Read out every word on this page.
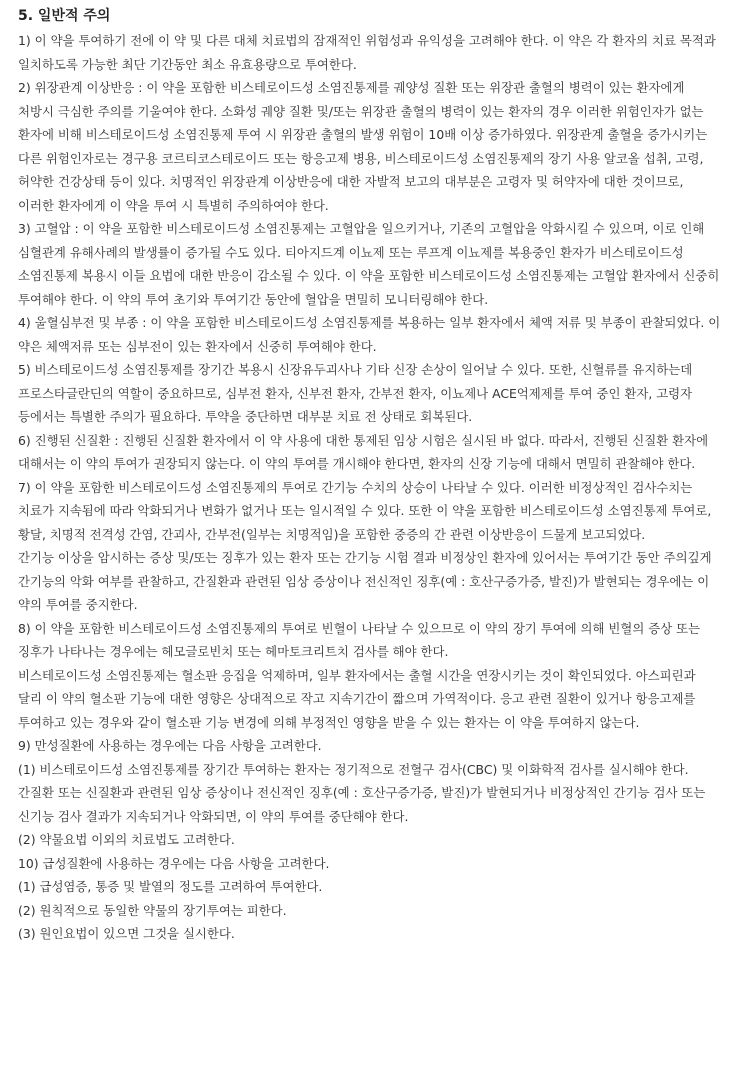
5. 일반적 주의

1) 이 약을 투여하기 전에 이 약 및 다른 대체 치료법의 잠재적인 위험성과 유익성을 고려해야 한다. 이 약은 각 환자의 치료 목적과 일치하도록 가능한 최단 기간동안 최소 유효용량으로 투여한다.

2) 위장관계 이상반응 : 이 약을 포함한 비스테로이드성 소염진통제를 궤양성 질환 또는 위장관 출혈의 병력이 있는 환자에게 처방시 극심한 주의를 기울여야 한다. 소화성 궤양 질환 및/또는 위장관 출혈의 병력이 있는 환자의 경우 이러한 위험인자가 없는 환자에 비해 비스테로이드성 소염진통제 투여 시 위장관 출혈의 발생 위험이 10배 이상 증가하였다. 위장관계 출혈을 증가시키는 다른 위험인자로는 경구용 코르티코스테로이드 또는 항응고제 병용, 비스테로이드성 소염진통제의 장기 사용 알코올 섭취, 고령, 허약한 건강상태 등이 있다. 치명적인 위장관계 이상반응에 대한 자발적 보고의 대부분은 고령자 및 허약자에 대한 것이므로, 이러한 환자에게 이 약을 투여 시 특별히 주의하여야 한다.

3) 고혈압 : 이 약을 포함한 비스테로이드성 소염진통제는 고혈압을 일으키거나, 기존의 고혈압을 악화시킬 수 있으며, 이로 인해 심혈관계 유해사례의 발생률이 증가될 수도 있다. 티아지드계 이뇨제 또는 루프계 이뇨제를 복용중인 환자가 비스테로이드성 소염진통제 복용시 이들 요법에 대한 반응이 감소될 수 있다. 이 약을 포함한 비스테로이드성 소염진통제는 고혈압 환자에서 신중히 투여해야 한다. 이 약의 투여 초기와 투여기간 동안에 혈압을 면밀히 모니터링해야 한다.

4) 울혈심부전 및 부종 : 이 약을 포함한 비스테로이드성 소염진통제를 복용하는 일부 환자에서 체액 저류 및 부종이 관찰되었다. 이 약은 체액저류 또는 심부전이 있는 환자에서 신중히 투여해야 한다.

5) 비스테로이드성 소염진통제를 장기간 복용시 신장유두괴사나 기타 신장 손상이 일어날 수 있다. 또한, 신혈류를 유지하는데 프로스타글란딘의 역할이 중요하므로, 심부전 환자, 신부전 환자, 간부전 환자, 이뇨제나 ACE억제제를 투여 중인 환자, 고령자 등에서는 특별한 주의가 필요하다. 투약을 중단하면 대부분 치료 전 상태로 회복된다.

6) 진행된 신질환 : 진행된 신질환 환자에서 이 약 사용에 대한 통제된 임상 시험은 실시된 바 없다. 따라서, 진행된 신질환 환자에 대해서는 이 약의 투여가 권장되지 않는다. 이 약의 투여를 개시해야 한다면, 환자의 신장 기능에 대해서 면밀히 관찰해야 한다.

7) 이 약을 포함한 비스테로이드성 소염진통제의 투여로 간기능 수치의 상승이 나타날 수 있다. 이러한 비정상적인 검사수치는 치료가 지속됨에 따라 악화되거나 변화가 없거나 또는 일시적일 수 있다. 또한 이 약을 포함한 비스테로이드성 소염진통제 투여로, 황달, 치명적 전격성 간염, 간괴사, 간부전(일부는 치명적임)을 포함한 중증의 간 관련 이상반응이 드물게 보고되었다.

간기능 이상을 암시하는 증상 및/또는 징후가 있는 환자 또는 간기능 시험 결과 비정상인 환자에 있어서는 투여기간 동안 주의깊게 간기능의 악화 여부를 관찰하고, 간질환과 관련된 임상 증상이나 전신적인 징후(예 : 호산구증가증, 발진)가 발현되는 경우에는 이 약의 투여를 중지한다.

8) 이 약을 포함한 비스테로이드성 소염진통제의 투여로 빈혈이 나타날 수 있으므로 이 약의 장기 투여에 의해 빈혈의 증상 또는 징후가 나타나는 경우에는 헤모글로빈치 또는 헤마토크리트치 검사를 해야 한다.

비스테로이드성 소염진통제는 혈소판 응집을 억제하며, 일부 환자에서는 출혈 시간을 연장시키는 것이 확인되었다. 아스피린과 달리 이 약의 혈소판 기능에 대한 영향은 상대적으로 작고 지속기간이 짧으며 가역적이다. 응고 관련 질환이 있거나 항응고제를 투여하고 있는 경우와 같이 혈소판 기능 변경에 의해 부정적인 영향을 받을 수 있는 환자는 이 약을 투여하지 않는다.

9) 만성질환에 사용하는 경우에는 다음 사항을 고려한다.

(1) 비스테로이드성 소염진통제를 장기간 투여하는 환자는 정기적으로 전혈구 검사(CBC) 및 이화학적 검사를 실시해야 한다. 간질환 또는 신질환과 관련된 임상 증상이나 전신적인 징후(예 : 호산구증가증, 발진)가 발현되거나 비정상적인 간기능 검사 또는 신기능 검사 결과가 지속되거나 악화되면, 이 약의 투여를 중단해야 한다.

(2) 약물요법 이외의 치료법도 고려한다.

10) 급성질환에 사용하는 경우에는 다음 사항을 고려한다.

(1) 급성염증, 통증 및 발열의 정도를 고려하여 투여한다.

(2) 원칙적으로 동일한 약물의 장기투여는 피한다.

(3) 원인요법이 있으면 그것을 실시한다.
